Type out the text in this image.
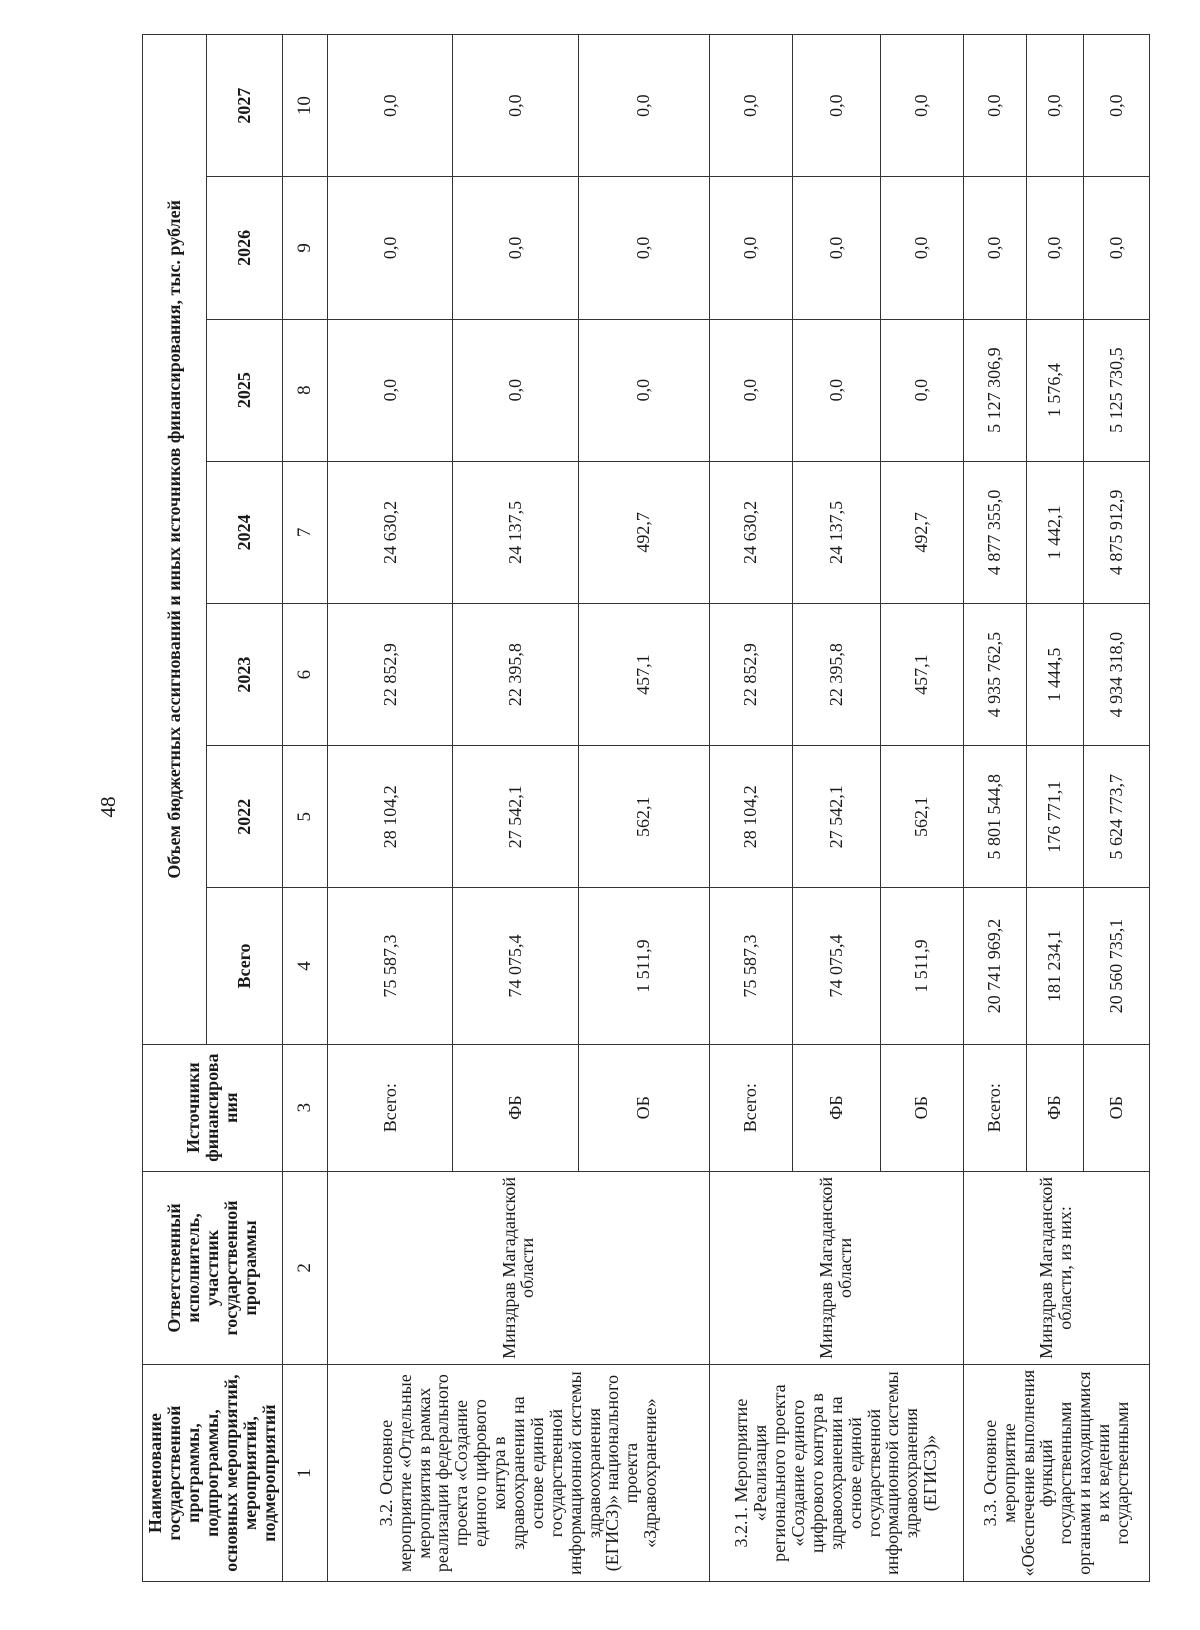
48
Наименование государственной программы, подпрограммы, основных мероприятий, мероприятий, подмероприятий	Ответственный исполнитель, участник государственной программы	Источники финансирова ния	Объем бюджетных ассигнований и иных источников финансирования, тыс. рублей						
			Всего	2022	2023	2024	2025	2026	2027
1	2	3	4	5	6	7	8	9	10
3.2. Основное мероприятие «Отдельные мероприятия в рамках реализации федерального проекта «Создание единого цифрового контура в здравоохранении на основе единой государственной информационной системы здравоохранения (ЕГИСЗ)» национального проекта «Здравоохранение»	Минздрав Магаданской области	Всего:	75 587,3	28 104,2	22 852,9	24 630,2	0,0	0,0	0,0
		ФБ	74 075,4	27 542,1	22 395,8	24 137,5	0,0	0,0	0,0
		ОБ	1 511,9	562,1	457,1	492,7	0,0	0,0	0,0
3.2.1. Мероприятие «Реализация регионального проекта «Создание единого цифрового контура в здравоохранении на основе единой государственной информационной системы здравоохранения (ЕГИСЗ)»	Минздрав Магаданской области	Всего:	75 587,3	28 104,2	22 852,9	24 630,2	0,0	0,0	0,0
		ФБ	74 075,4	27 542,1	22 395,8	24 137,5	0,0	0,0	0,0
		ОБ	1 511,9	562,1	457,1	492,7	0,0	0,0	0,0
3.3. Основное мероприятие «Обеспечение выполнения функций государственными органами и находящимися в их ведении государственными	Минздрав Магаданской области, из них:	Всего:	20 741 969,2	5 801 544,8	4 935 762,5	4 877 355,0	5 127 306,9	0,0	0,0
		ФБ	181 234,1	176 771,1	1 444,5	1 442,1	1 576,4	0,0	0,0
		ОБ	20 560 735,1	5 624 773,7	4 934 318,0	4 875 912,9	5 125 730,5	0,0	0,0
